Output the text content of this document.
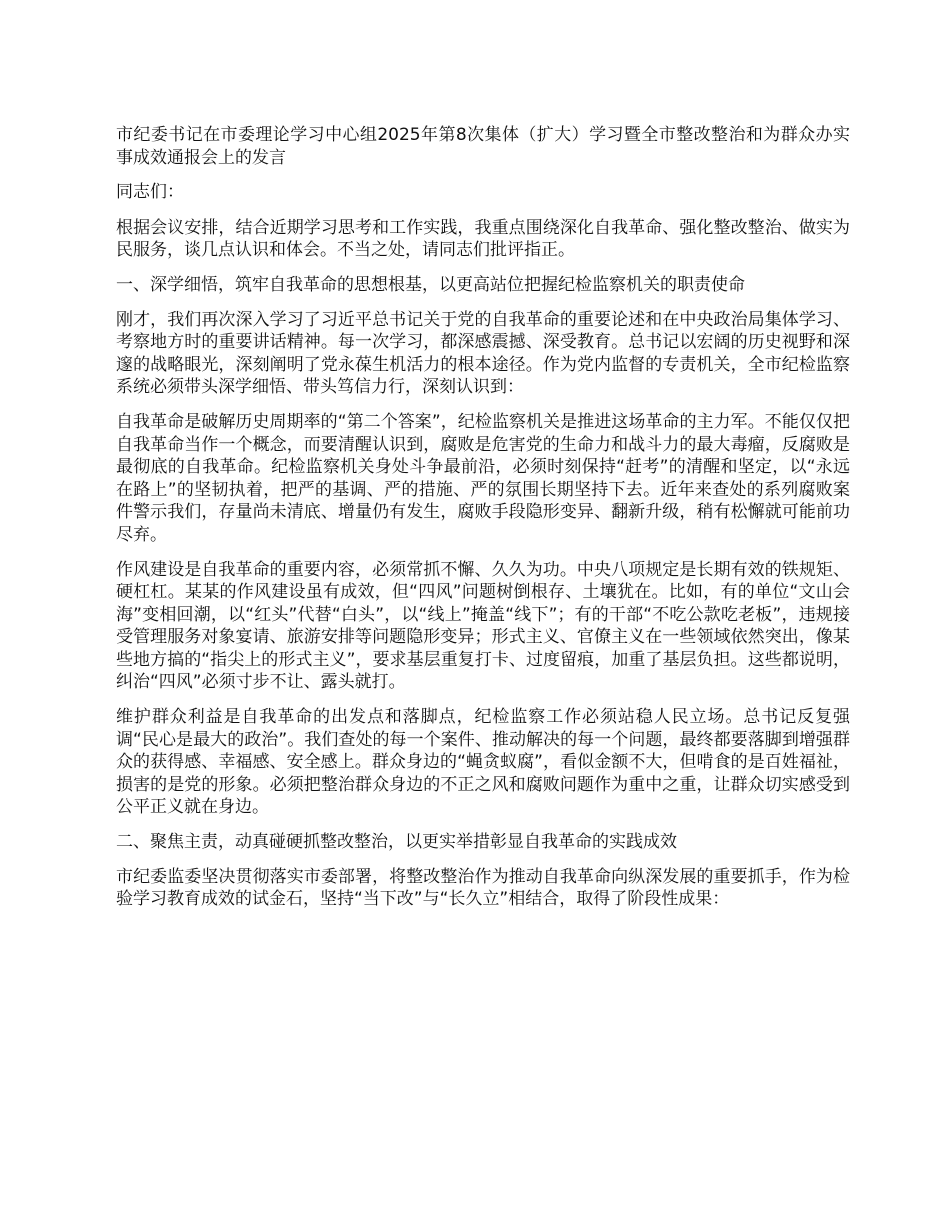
市纪委书记在市委理论学习中心组2025年第8次集体（扩大）学习暨全市整改整治和为群众办实事成效通报会上的发言

同志们：

根据会议安排，结合近期学习思考和工作实践，我重点围绕深化自我革命、强化整改整治、做实为民服务，谈几点认识和体会。不当之处，请同志们批评指正。

一、深学细悟，筑牢自我革命的思想根基，以更高站位把握纪检监察机关的职责使命

刚才，我们再次深入学习了习近平总书记关于党的自我革命的重要论述和在中央政治局集体学习、考察地方时的重要讲话精神。每一次学习，都深感震撼、深受教育。总书记以宏阔的历史视野和深邃的战略眼光，深刻阐明了党永葆生机活力的根本途径。作为党内监督的专责机关，全市纪检监察系统必须带头深学细悟、带头笃信力行，深刻认识到：

自我革命是破解历史周期率的“第二个答案”，纪检监察机关是推进这场革命的主力军。不能仅仅把自我革命当作一个概念，而要清醒认识到，腐败是危害党的生命力和战斗力的最大毒瘤，反腐败是最彻底的自我革命。纪检监察机关身处斗争最前沿，必须时刻保持“赶考”的清醒和坚定，以“永远在路上”的坚韧执着，把严的基调、严的措施、严的氛围长期坚持下去。近年来查处的系列腐败案件警示我们，存量尚未清底、增量仍有发生，腐败手段隐形变异、翻新升级，稍有松懈就可能前功尽弃。

作风建设是自我革命的重要内容，必须常抓不懈、久久为功。中央八项规定是长期有效的铁规矩、硬杠杠。某某的作风建设虽有成效，但“四风”问题树倒根存、土壤犹在。比如，有的单位“文山会海”变相回潮，以“红头”代替“白头”，以“线上”掩盖“线下”；有的干部“不吃公款吃老板”，违规接受管理服务对象宴请、旅游安排等问题隐形变异；形式主义、官僚主义在一些领域依然突出，像某些地方搞的“指尖上的形式主义”，要求基层重复打卡、过度留痕，加重了基层负担。这些都说明，纠治“四风”必须寸步不让、露头就打。

维护群众利益是自我革命的出发点和落脚点，纪检监察工作必须站稳人民立场。总书记反复强调“民心是最大的政治”。我们查处的每一个案件、推动解决的每一个问题，最终都要落脚到增强群众的获得感、幸福感、安全感上。群众身边的“蝇贪蚁腐”，看似金额不大，但啃食的是百姓福祉，损害的是党的形象。必须把整治群众身边的不正之风和腐败问题作为重中之重，让群众切实感受到公平正义就在身边。

二、聚焦主责，动真碰硬抓整改整治，以更实举措彰显自我革命的实践成效

市纪委监委坚决贯彻落实市委部署，将整改整治作为推动自我革命向纵深发展的重要抓手，作为检验学习教育成效的试金石，坚持“当下改”与“长久立”相结合，取得了阶段性成果：
